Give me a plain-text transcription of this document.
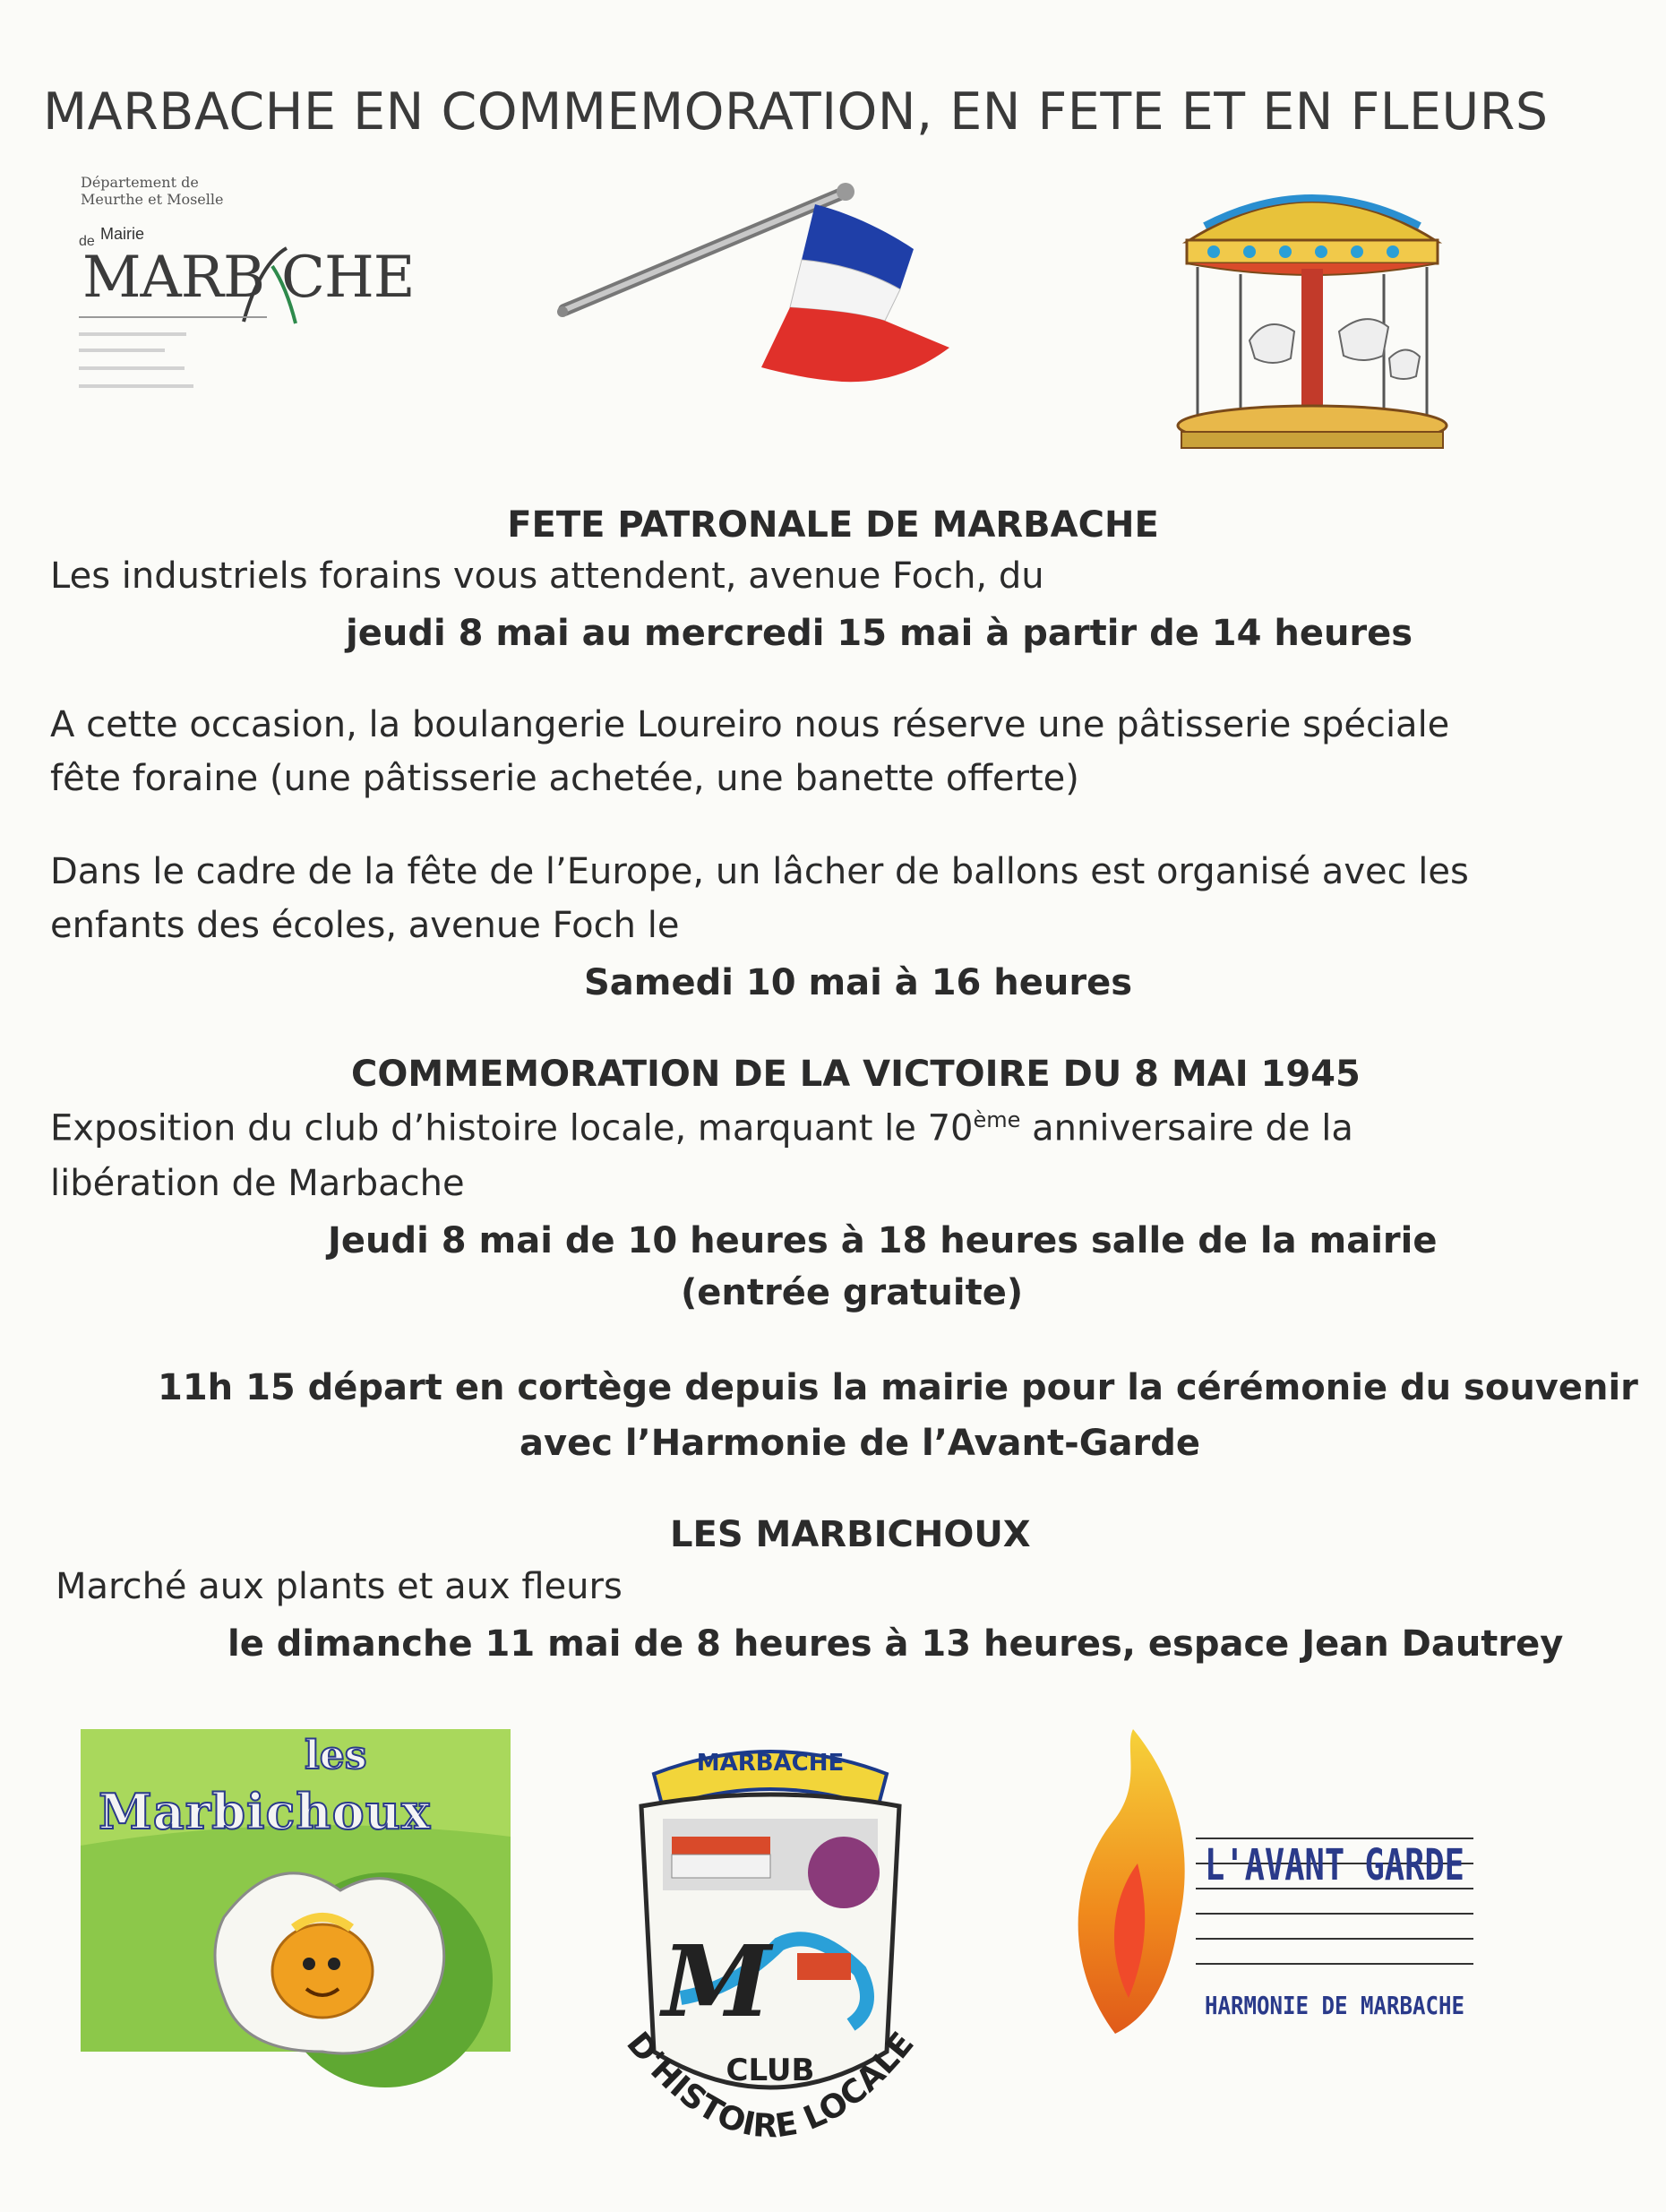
MARBACHE EN COMMEMORATION, EN FETE ET EN FLEURS
Département de
Meurthe et Moselle
de Mairie
MARB CHE
FETE PATRONALE DE MARBACHE
Les industriels forains vous attendent, avenue Foch, du
jeudi 8 mai au mercredi 15 mai à partir de 14 heures
A cette occasion, la boulangerie Loureiro nous réserve une pâtisserie spéciale
fête foraine (une pâtisserie achetée, une banette offerte)
Dans le cadre de la fête de l’Europe, un lâcher de ballons est organisé avec les
enfants des écoles, avenue Foch le
Samedi 10 mai à 16 heures
COMMEMORATION DE LA VICTOIRE DU 8 MAI 1945
Exposition du club d’histoire locale, marquant le 70ème anniversaire de la
libération de Marbache
Jeudi 8 mai de 10 heures à 18 heures salle de la mairie
(entrée gratuite)
11h 15 départ en cortège depuis la mairie pour la cérémonie du souvenir
avec l’Harmonie de l’Avant-Garde
LES MARBICHOUX
Marché aux plants et aux fleurs
le dimanche 11 mai de 8 heures à 13 heures, espace Jean Dautrey
les
Marbichoux
MARBACHE
M
CLUB
D'HISTOIRE LOCALE
L'AVANT GARDE
HARMONIE DE MARBACHE
